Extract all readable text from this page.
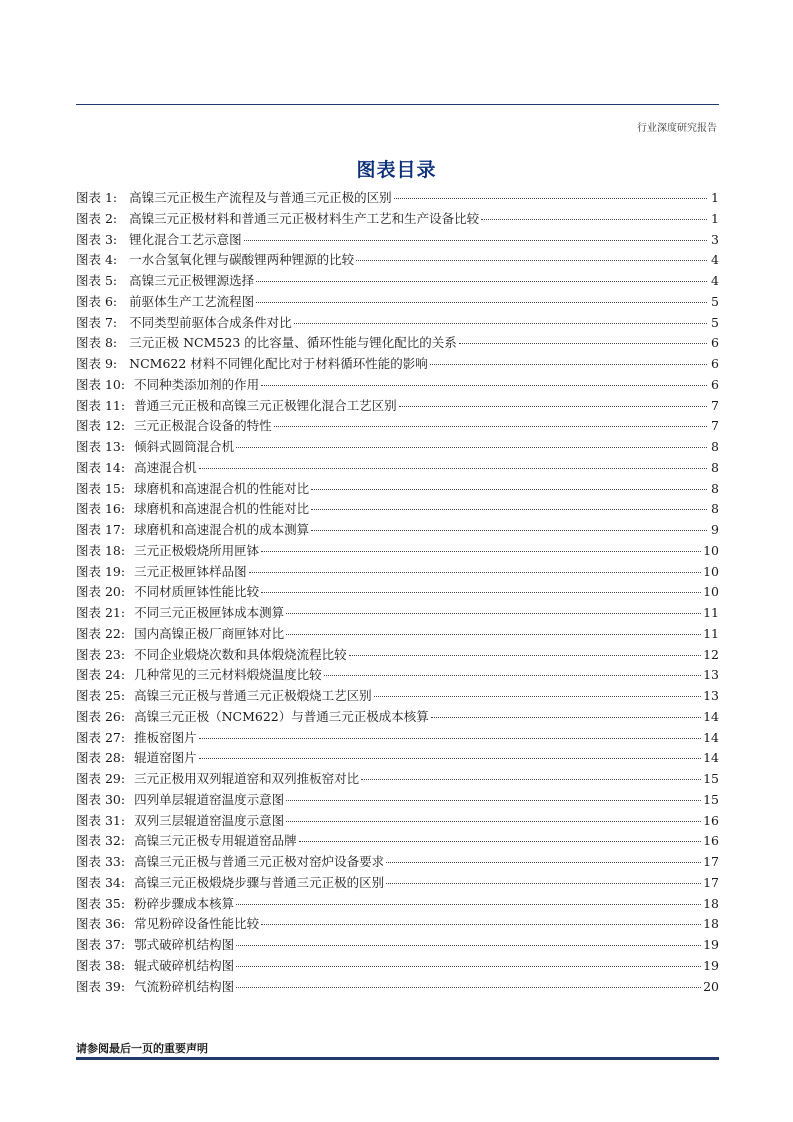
行业深度研究报告
图表目录
图表 1: 高镍三元正极生产流程及与普通三元正极的区别	1
图表 2: 高镍三元正极材料和普通三元正极材料生产工艺和生产设备比较	1
图表 3: 锂化混合工艺示意图	3
图表 4: 一水合氢氧化锂与碳酸锂两种锂源的比较	4
图表 5: 高镍三元正极锂源选择	4
图表 6: 前驱体生产工艺流程图	5
图表 7: 不同类型前驱体合成条件对比	5
图表 8: 三元正极 NCM523 的比容量、循环性能与锂化配比的关系	6
图表 9: NCM622 材料不同锂化配比对于材料循环性能的影响	6
图表 10: 不同种类添加剂的作用	6
图表 11: 普通三元正极和高镍三元正极锂化混合工艺区别	7
图表 12: 三元正极混合设备的特性	7
图表 13: 倾斜式圆筒混合机	8
图表 14: 高速混合机	8
图表 15: 球磨机和高速混合机的性能对比	8
图表 16: 球磨机和高速混合机的性能对比	8
图表 17: 球磨机和高速混合机的成本测算	9
图表 18: 三元正极煅烧所用匣钵	10
图表 19: 三元正极匣钵样品图	10
图表 20: 不同材质匣钵性能比较	10
图表 21: 不同三元正极匣钵成本测算	11
图表 22: 国内高镍正极厂商匣钵对比	11
图表 23: 不同企业煅烧次数和具体煅烧流程比较	12
图表 24: 几种常见的三元材料煅烧温度比较	13
图表 25: 高镍三元正极与普通三元正极煅烧工艺区别	13
图表 26: 高镍三元正极（NCM622）与普通三元正极成本核算	14
图表 27: 推板窑图片	14
图表 28: 辊道窑图片	14
图表 29: 三元正极用双列辊道窑和双列推板窑对比	15
图表 30: 四列单层辊道窑温度示意图	15
图表 31: 双列三层辊道窑温度示意图	16
图表 32: 高镍三元正极专用辊道窑品牌	16
图表 33: 高镍三元正极与普通三元正极对窑炉设备要求	17
图表 34: 高镍三元正极煅烧步骤与普通三元正极的区别	17
图表 35: 粉碎步骤成本核算	18
图表 36: 常见粉碎设备性能比较	18
图表 37: 鄂式破碎机结构图	19
图表 38: 辊式破碎机结构图	19
图表 39: 气流粉碎机结构图	20
请参阅最后一页的重要声明
